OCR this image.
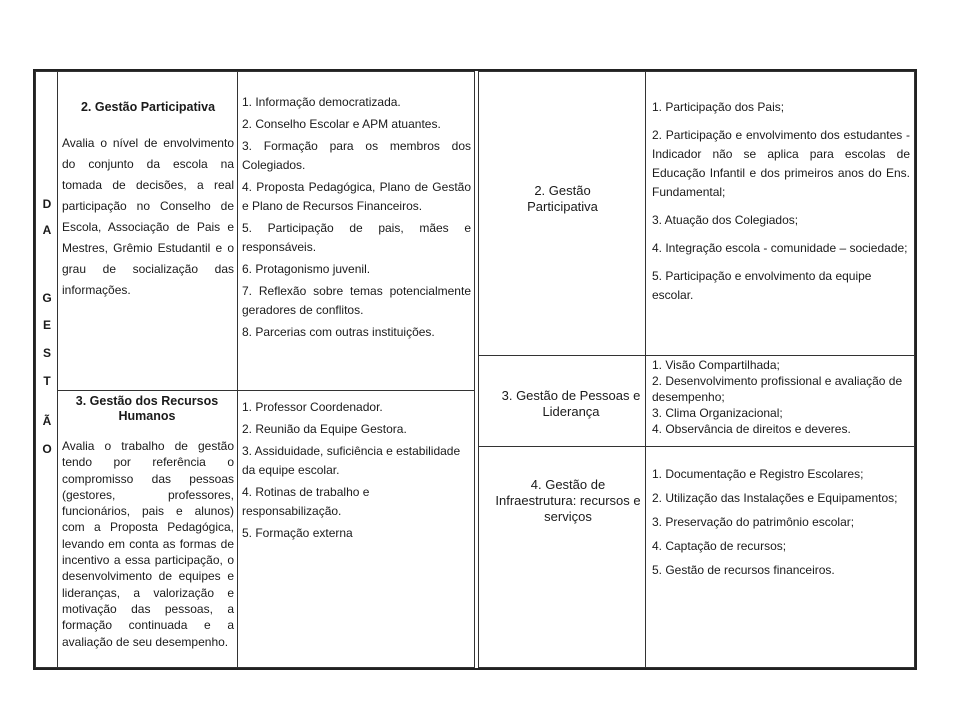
D
A
G
E
S
T
Ã
O
2. Gestão Participativa
Avalia o nível de envolvimento do conjunto da escola na tomada de decisões, a real participação no Conselho de Escola, Associação de Pais e Mestres, Grêmio Estudantil e o grau de socialização das informações.
1. Informação democratizada.
2. Conselho Escolar e APM atuantes.
3. Formação para os membros dos Colegiados.
4. Proposta Pedagógica, Plano de Gestão e Plano de Recursos Financeiros.
5. Participação de pais, mães e responsáveis.
6. Protagonismo juvenil.
7. Reflexão sobre temas potencialmente geradores de conflitos.
8. Parcerias com outras instituições.
3. Gestão dos Recursos Humanos
Avalia o trabalho de gestão tendo por referência o compromisso das pessoas (gestores, professores, funcionários, pais e alunos) com a Proposta Pedagógica, levando em conta as formas de incentivo a essa participação, o desenvolvimento de equipes e lideranças, a valorização e motivação das pessoas, a formação continuada e a avaliação de seu desempenho.
1. Professor Coordenador.
2. Reunião da Equipe Gestora.
3. Assiduidade, suficiência e estabilidade da equipe escolar.
4. Rotinas de trabalho e responsabilização.
5. Formação externa
2. Gestão Participativa
1. Participação dos Pais;
2. Participação e envolvimento dos estudantes - Indicador não se aplica para escolas de Educação Infantil e dos primeiros anos do Ens. Fundamental;
3. Atuação dos Colegiados;
4. Integração escola - comunidade – sociedade;
5. Participação e envolvimento da equipe escolar.
3. Gestão de Pessoas e Liderança
1. Visão Compartilhada;
2. Desenvolvimento profissional e avaliação de desempenho;
3. Clima Organizacional;
4. Observância de direitos e deveres.
4. Gestão de Infraestrutura: recursos e serviços
1. Documentação e Registro Escolares;
2. Utilização das Instalações e Equipamentos;
3. Preservação do patrimônio escolar;
4. Captação de recursos;
5. Gestão de recursos financeiros.
